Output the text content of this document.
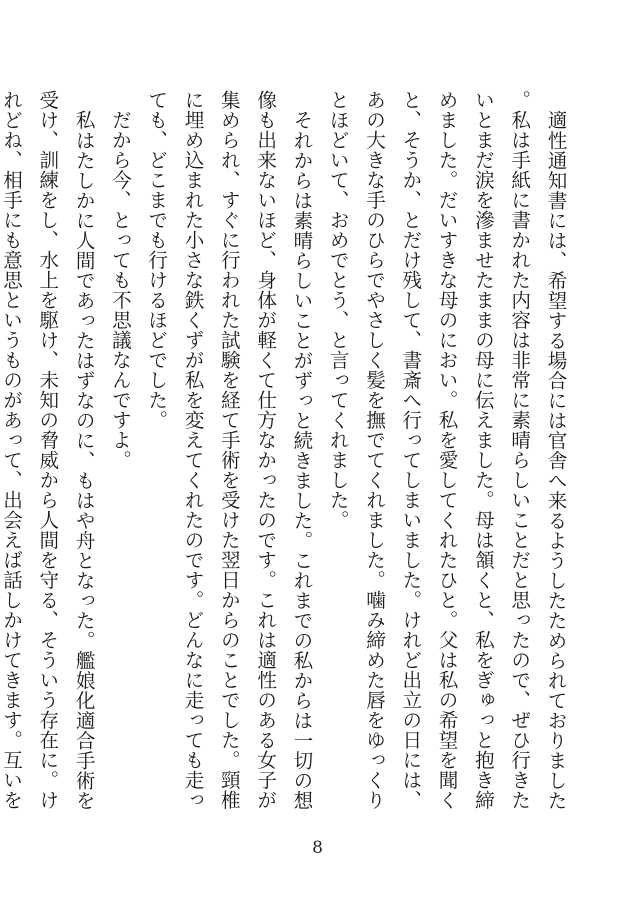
適性通知書には、希望する場合には官舎へ来るようしたためられておりました。私は手紙に書かれた内容は非常に素晴らしいことだと思ったので、ぜひ行きたいとまだ涙を滲ませたままの母に伝えました。母は頷くと、私をぎゅっと抱き締めました。だいすきな母のにおい。私を愛してくれたひと。父は私の希望を聞くと、そうか、とだけ残して、書斎へ行ってしまいました。けれど出立の日には、あの大きな手のひらでやさしく髪を撫でてくれました。噛み締めた唇をゆっくりとほどいて、おめでとう、と言ってくれました。

それからは素晴らしいことがずっと続きました。これまでの私からは一切の想像も出来ないほど、身体が軽くて仕方なかったのです。これは適性のある女子が集められ、すぐに行われた試験を経て手術を受けた翌日からのことでした。頸椎に埋め込まれた小さな鉄くずが私を変えてくれたのです。どんなに走っても走っても、どこまでも行けるほどでした。

だから今、とっても不思議なんですよ。

私はたしかに人間であったはずなのに、もはや舟となった。艦娘化適合手術を受け、訓練をし、水上を駆け、未知の脅威から人間を守る、そういう存在に。けれどね、相手にも意思というものがあって、出会えば話しかけてきます。互いを

8
